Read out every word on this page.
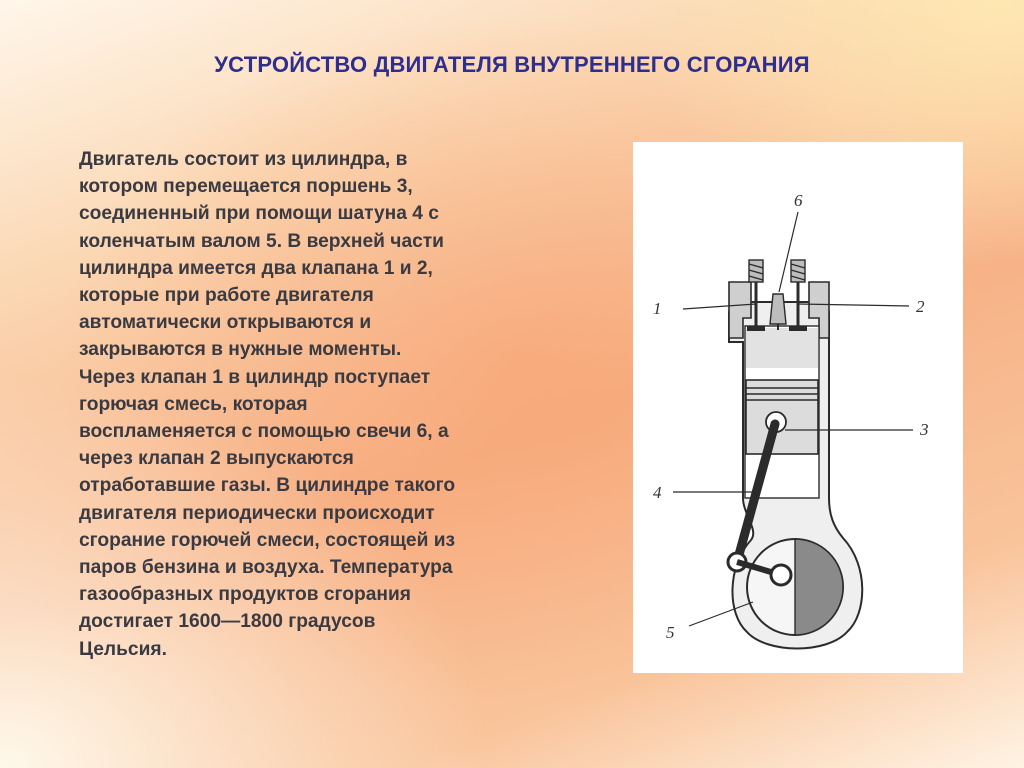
УСТРОЙСТВО ДВИГАТЕЛЯ ВНУТРЕННЕГО СГОРАНИЯ
Двигатель состоит из цилиндра, в
котором перемещается поршень 3,
соединенный при помощи шатуна 4 с
коленчатым валом 5. В верхней части
цилиндра имеется два клапана 1 и 2,
которые при работе двигателя
автоматически открываются и
закрываются в нужные моменты.
Через клапан 1 в цилиндр поступает
горючая смесь, которая
воспламеняется с помощью свечи 6, а
через клапан 2 выпускаются
отработавшие газы. В цилиндре такого
двигателя периодически происходит
сгорание горючей смеси, состоящей из
паров бензина и воздуха. Температура
газообразных продуктов сгорания
достигает 1600—1800 градусов
Цельсия.
1	2
3
4
5
6
